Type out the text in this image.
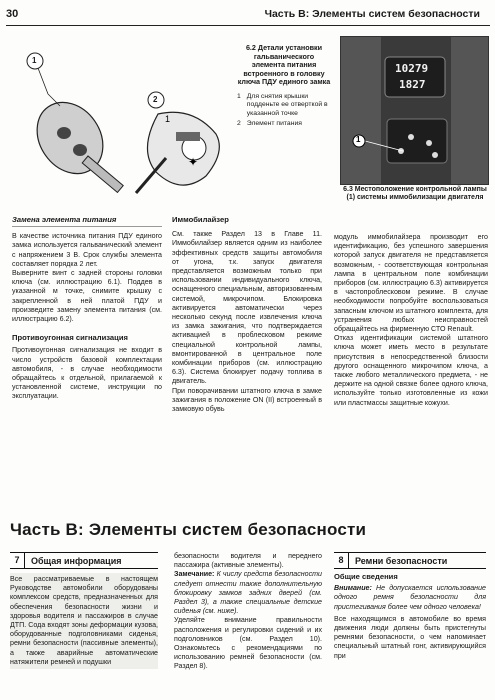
30	Часть В: Элементы систем безопасности
✦
1
1
2
6.2 Детали установки гальванического элемента питания встроенного в головку ключа ПДУ единого замка
1 Для снятия крышки подденьте ее отверткой в указанной точке
2 Элемент питания
10279
1827
1
6.3 Местоположение контрольной лампы (1) системы иммобилизации двигателя
Замена элемента питания

В качестве источника питания ПДУ единого замка используется гальванический элемент с напряжением 3 В. Срок службы элемента составляет порядка 2 лет.

Выверните винт с задней стороны головки ключа (см. иллюстрацию 6.1). Поддев в указанной м точке, снимите крышку с закрепленной в ней платой ПДУ и произведите замену элемента питания (см. иллюстрацию 6.2).

Противоугонная сигнализация

Противоугонная сигнализация не входит в число устройств базовой комплектации автомобиля, - в случае необходимости обращайтесь к отдельной, прилагаемой к установленной системе, инструкции по эксплуатации.

Иммобилайзер

См. также Раздел 13 в Главе 11. Иммобилайзер является одним из наиболее эффективных средств защиты автомобиля от угона, т.к. запуск двигателя представляется возможным только при использовании индивидуального ключа, оснащенного специальным, авторизованным системой, микрочипом. Блокировка активируется автоматически через несколько секунд после извлечения ключа из замка зажигания, что подтверждается активацией в проблесковом режиме специальной контрольной лампы, вмонтированной в центральное поле комбинации приборов (см. иллюстрацию 6.3). Система блокирует подачу топлива в двигатель.

При поворачивании штатного ключа в замке зажигания в положение ON (II) встроенный в замковую обувь

модуль иммобилайзера производит его идентификацию, без успешного завершения которой запуск двигателя не представляется возможным, - соответствующая контрольная лампа в центральном поле комбинации приборов (см. иллюстрацию 6.3) активируется в частопроблесковом режиме. В случае необходимости попробуйте воспользоваться запасным ключом из штатного комплекта, для устранения любых неисправностей обращайтесь на фирменную СТО Renault.

Отказ идентификации системой штатного ключа может иметь место в результате присутствия в непосредственной близости другого оснащенного микрочипом ключа, а также любого металлического предмета, - не держите на одной связке более одного ключа, используйте только изготовленные из кожи или пластмассы защитные кожухи.

Часть В: Элементы систем безопасности
7	Общая информация	8	Ремни безопасности

Все рассматриваемые в настоящем Руководстве автомобили оборудованы комплексом средств, предназначенных для обеспечения безопасности жизни и здоровья водителя и пассажиров в случае ДТП. Сода входят зоны деформации кузова, оборудованные подголовниками сиденья, ремни безопасности (пассивные элементы), а также аварийные автоматические натяжители ремней и подушки

безопасности водителя и переднего пассажира (активные элементы).

Замечание: К числу средств безопасности следует отнести также дополнительную блокировку замков задних дверей (см. Раздел 3), а также специальные детские сиденья (см. ниже).

Уделяйте внимание правильности расположения и регулировки сидений и их подголовников (см. Раздел 10). Ознакомьтесь с рекомендациями по использованию ремней безопасности (см. Раздел 8).

Общие сведения

Внимание: Не допускается использование одного ремня безопасности для пристегивания более чем одного человека!

Все находящимся в автомобиле во время движения люди должны быть пристегнуты ремнями безопасности, о чем напоминает специальный штатный гонг, активирующийся при
